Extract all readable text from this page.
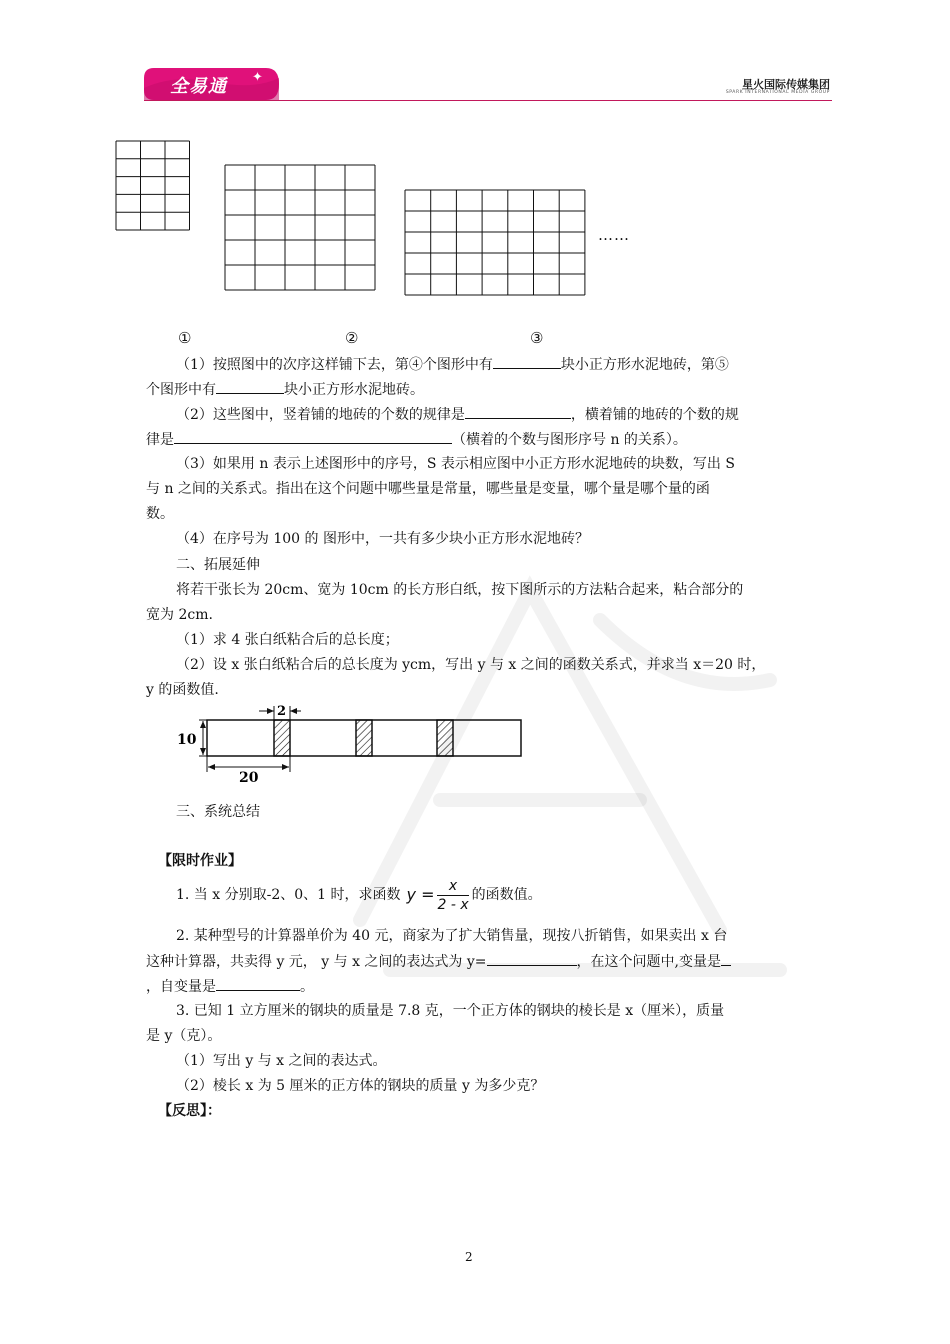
全易通 ✦	星火国际传媒集团
SPARK INTERNATIONAL MEDIA GROUP
……
①	②	③
（1）按照图中的次序这样铺下去，第④个图形中有	块小正方形水泥地砖，第⑤
个图形中有	块小正方形水泥地砖。
（2）这些图中，竖着铺的地砖的个数的规律是	，横着铺的地砖的个数的规
律是	（横着的个数与图形序号 n 的关系）。
（3）如果用 n 表示上述图形中的序号，S 表示相应图中小正方形水泥地砖的块数，写出 S
与 n 之间的关系式。指出在这个问题中哪些量是常量，哪些量是变量，哪个量是哪个量的函
数。
（4）在序号为 100 的 图形中，一共有多少块小正方形水泥地砖？
二、拓展延伸
将若干张长为 20cm、宽为 10cm 的长方形白纸，按下图所示的方法粘合起来，粘合部分的
宽为 2cm.
（1）求 4 张白纸粘合后的总长度；
（2）设 x 张白纸粘合后的总长度为 ycm，写出 y 与 x 之间的函数关系式，并求当 x＝20 时，
y 的函数值.
10
2
20
三、系统总结
【限时作业】
1. 当 x 分别取-2、0、1 时，求函数 $y = \frac{x}{2 - x}$ 的函数值。
2. 某种型号的计算器单价为 40 元，商家为了扩大销售量，现按八折销售，如果卖出 x 台
这种计算器，共卖得 y 元， y 与 x 之间的表达式为 y=	，在这个问题中,变量是
，自变量是	。
3. 已知 1 立方厘米的钢块的质量是 7.8 克，一个正方体的钢块的棱长是 x（厘米），质量
是 y（克）。
（1）写出 y 与 x 之间的表达式。
（2）棱长 x 为 5 厘米的正方体的钢块的质量 y 为多少克？
【反思】：
2
